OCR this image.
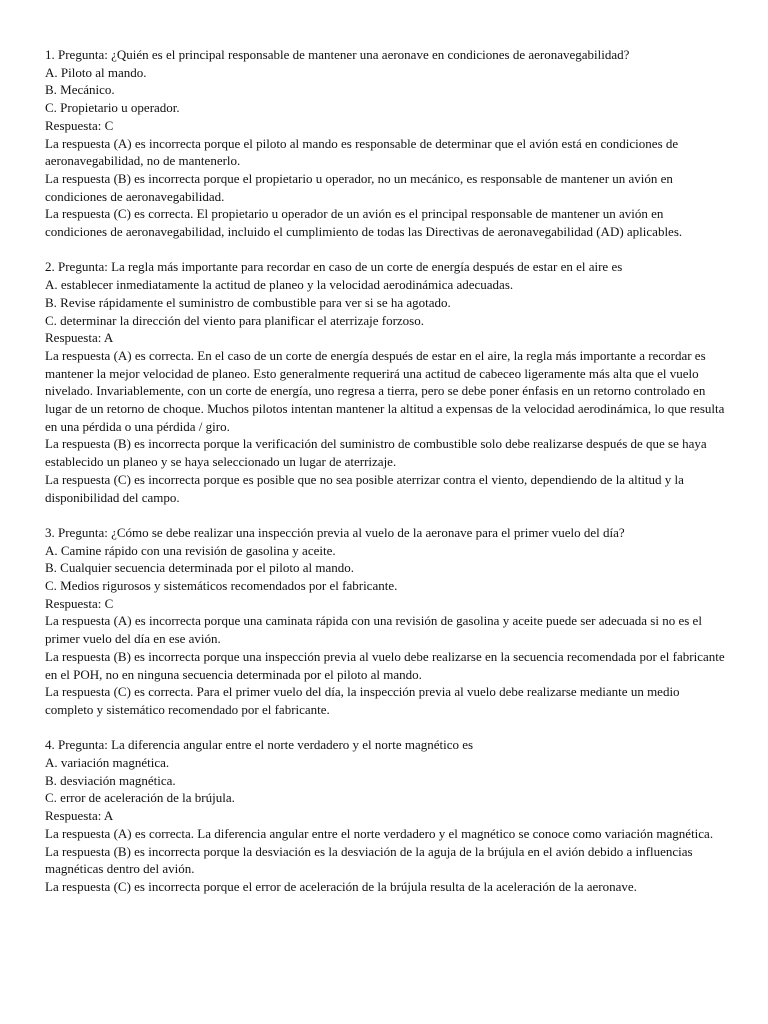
1. Pregunta: ¿Quién es el principal responsable de mantener una aeronave en condiciones de aeronavegabilidad?

A. Piloto al mando.

B. Mecánico.

C. Propietario u operador.

Respuesta: C

La respuesta (A) es incorrecta porque el piloto al mando es responsable de determinar que el avión está en condiciones de aeronavegabilidad, no de mantenerlo.

La respuesta (B) es incorrecta porque el propietario u operador, no un mecánico, es responsable de mantener un avión en condiciones de aeronavegabilidad.

La respuesta (C) es correcta. El propietario u operador de un avión es el principal responsable de mantener un avión en condiciones de aeronavegabilidad, incluido el cumplimiento de todas las Directivas de aeronavegabilidad (AD) aplicables.

2. Pregunta: La regla más importante para recordar en caso de un corte de energía después de estar en el aire es

A. establecer inmediatamente la actitud de planeo y la velocidad aerodinámica adecuadas.

B. Revise rápidamente el suministro de combustible para ver si se ha agotado.

C. determinar la dirección del viento para planificar el aterrizaje forzoso.

Respuesta: A

La respuesta (A) es correcta. En el caso de un corte de energía después de estar en el aire, la regla más importante a recordar es mantener la mejor velocidad de planeo. Esto generalmente requerirá una actitud de cabeceo ligeramente más alta que el vuelo nivelado. Invariablemente, con un corte de energía, uno regresa a tierra, pero se debe poner énfasis en un retorno controlado en lugar de un retorno de choque. Muchos pilotos intentan mantener la altitud a expensas de la velocidad aerodinámica, lo que resulta en una pérdida o una pérdida / giro.

La respuesta (B) es incorrecta porque la verificación del suministro de combustible solo debe realizarse después de que se haya establecido un planeo y se haya seleccionado un lugar de aterrizaje.

La respuesta (C) es incorrecta porque es posible que no sea posible aterrizar contra el viento, dependiendo de la altitud y la disponibilidad del campo.

3. Pregunta: ¿Cómo se debe realizar una inspección previa al vuelo de la aeronave para el primer vuelo del día?

A. Camine rápido con una revisión de gasolina y aceite.

B. Cualquier secuencia determinada por el piloto al mando.

C. Medios rigurosos y sistemáticos recomendados por el fabricante.

Respuesta: C

La respuesta (A) es incorrecta porque una caminata rápida con una revisión de gasolina y aceite puede ser adecuada si no es el primer vuelo del día en ese avión.

La respuesta (B) es incorrecta porque una inspección previa al vuelo debe realizarse en la secuencia recomendada por el fabricante en el POH, no en ninguna secuencia determinada por el piloto al mando.

La respuesta (C) es correcta. Para el primer vuelo del día, la inspección previa al vuelo debe realizarse mediante un medio completo y sistemático recomendado por el fabricante.

4. Pregunta: La diferencia angular entre el norte verdadero y el norte magnético es

A. variación magnética.

B. desviación magnética.

C. error de aceleración de la brújula.

Respuesta: A

La respuesta (A) es correcta. La diferencia angular entre el norte verdadero y el magnético se conoce como variación magnética.

La respuesta (B) es incorrecta porque la desviación es la desviación de la aguja de la brújula en el avión debido a influencias magnéticas dentro del avión.

La respuesta (C) es incorrecta porque el error de aceleración de la brújula resulta de la aceleración de la aeronave.
